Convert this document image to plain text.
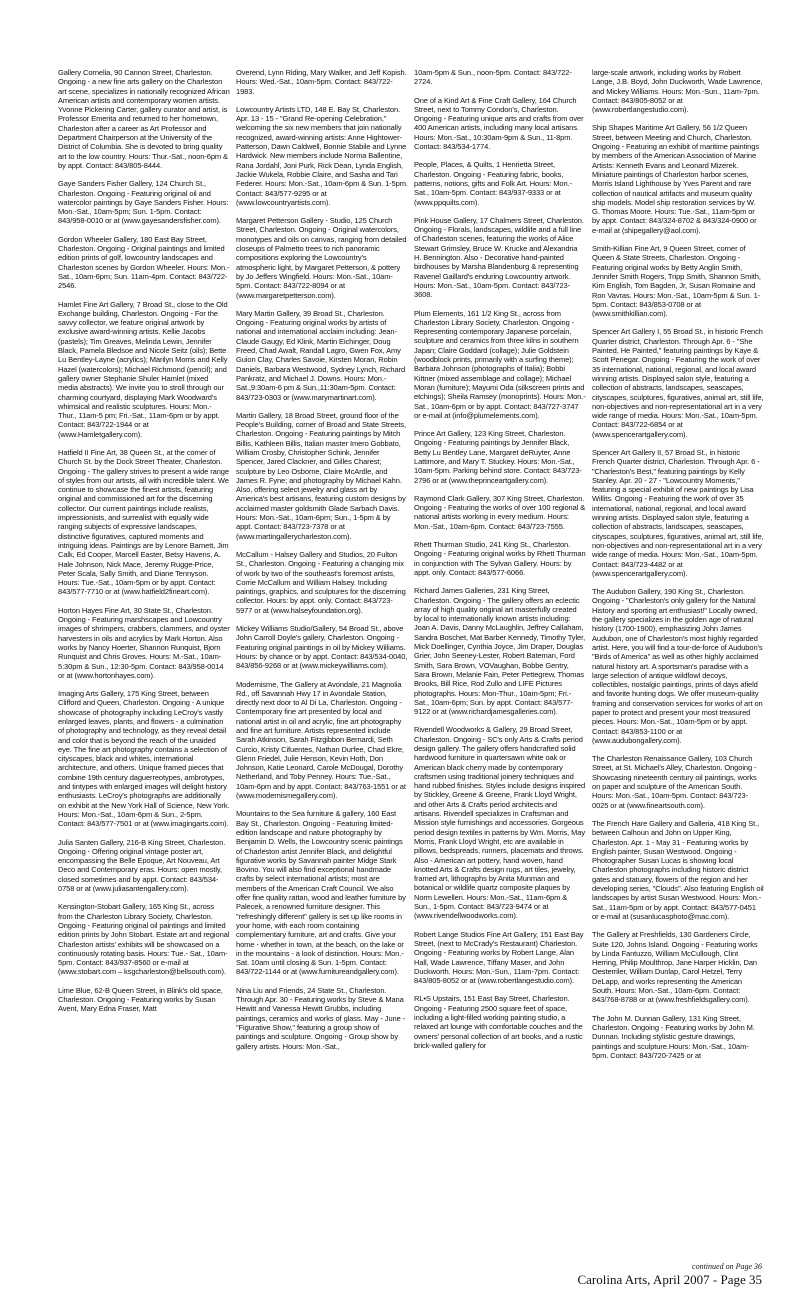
Gallery Cornelia, 90 Cannon Street, Charleston. Ongoing - a new fine arts gallery on the Charleston art scene, specializes in nationally recognized African American artists and contemporary women artists. Yvonne Pickering Carter, gallery curator and artist, is Professor Emerita and returned to her hometown, Charleston after a career as Art Professor and Department Chairperson at the University of the District of Columbia. She is devoted to bring quality art to the low country. Hours: Thur.-Sat., noon-6pm & by appt. Contact: 843/805-8444.

Gaye Sanders Fisher Gallery, 124 Church St., Charleston. Ongoing - Featuring original oil and watercolor paintings by Gaye Sanders Fisher. Hours: Mon.-Sat., 10am-5pm; Sun. 1-5pm. Contact: 843/958-0010 or at (www.gayesandersfisher.com).

Gordon Wheeler Gallery, 180 East Bay Street, Charleston. Ongoing - Original paintings and limited edition prints of golf, lowcountry landscapes and Charleston scenes by Gordon Wheeler. Hours: Mon.-Sat., 10am-6pm; Sun. 11am-4pm. Contact: 843/722-2546.

Hamlet Fine Art Gallery, 7 Broad St., close to the Old Exchange building, Charleston. Ongoing - For the savvy collector, we feature original artwork by exclusive award-winning artists. Kellie Jacobs (pastels); Tim Greaves, Melinda Lewin, Jennifer Black, Pamela Bledsoe and Nicole Seitz (oils); Bette Lu Bentley-Layne (acrylics); Marilyn Morris and Kelly Hazel (watercolors); Michael Richmond (pencil); and gallery owner Stephanie Shuler Hamlet (mixed media abstracts). We invite you to stroll through our charming courtyard, displaying Mark Woodward's whimsical and realistic sculptures. Hours: Mon.-Thur., 11am-5 pm; Fri.-Sat., 11am-6pm or by appt. Contact: 843/722-1944 or at (www.Hamletgallery.com).

Hatfield II Fine Art, 38 Queen St., at the corner of Church St. by the Dock Street Theater, Charleston. Ongoing - The gallery strives to present a wide range of styles from our artists, all with incredible talent. We continue to showcase the finest artists, featuring original and commissioned art for the discerning collector. Our current paintings include realists, impressionists, and surrealist with equally wide ranging subjects of expressive landscapes, distinctive figuratives, captured moments and intriguing ideas. Paintings are by Lenore Barnett, Jim Calk, Ed Cooper, Marcell Easter, Betsy Havens, A. Hale Johnson, Nick Mace, Jeremy Rugge-Price, Peter Scala, Sally Smith, and Diane Tennyson. Hours: Tue.-Sat., 10am-5pm or by appt. Contact: 843/577-7710 or at (www.hatfield2fineart.com).

Horton Hayes Fine Art, 30 State St., Charleston. Ongoing - Featuring marshscapes and Lowcountry images of shrimpers, crabbers, clammers, and oyster harvesters in oils and acrylics by Mark Horton. Also works by Nancy Hoerter, Shannon Runquist, Bjorn Runquist and Chris Groves. Hours: M.-Sat., 10am-5:30pm & Sun., 12:30-5pm. Contact: 843/958-0014 or at (www.hortonhayes.com).

Imaging Arts Gallery, 175 King Street, between Clifford and Queen, Charleston. Ongoing - A unique showcase of photography including LeCroy's vastly enlarged leaves, plants, and flowers - a culmination of photography and technology, as they reveal detail and color that is beyond the reach of the unaided eye. The fine art photography contains a selection of cityscapes, black and whites, international architecture, and others. Unique framed pieces that combine 19th century daguerreotypes, ambrotypes, and tintypes with enlarged images will delight history enthusiasts. LeCroy's photographs are additionally on exhibit at the New York Hall of Science, New York. Hours: Mon.-Sat., 10am-6pm & Sun., 2-5pm. Contact: 843/577-7501 or at (www.imagingarts.com).

Julia Santen Gallery, 216-B King Street, Charleston. Ongoing - Offering original vintage poster art, encompassing the Belle Epoque, Art Nouveau, Art Deco and Contemporary eras. Hours: open mostly, closed sometimes and by appt. Contact: 843/534-0758 or at (www.juliasantengallery.com).

Kensington-Stobart Gallery, 165 King St., across from the Charleston Library Society, Charleston. Ongoing - Featuring original oil paintings and limited edition prints by John Stobart. Estate art and regional Charleston artists' exhibits will be showcased on a continuously rotating basis. Hours: Tue.- Sat., 10am-5pm. Contact: 843/937-8560 or e-mail at (www.stobart.com – ksgcharleston@bellsouth.com).

Lime Blue, 62-B Queen Street, in Blink's old space, Charleston. Ongoing - Featuring works by Susan Avent, Mary Edna Fraser, Matt

Overend, Lynn Riding, Mary Walker, and Jeff Kopish. Hours: Wed.-Sat., 10am-5pm. Contact: 843/722-1983.

Lowcountry Artists LTD, 148 E. Bay St, Charleston. Apr. 13 - 15 - "Grand Re-opening Celebration," welcoming the six new members that join nationally recognized, award-winning artists: Anne Hightower-Patterson, Dawn Caldwell, Bonnie Stabile and Lynne Hardwick. New members include Norma Ballentine, Rana Jordahl, Joni Purk, Rick Dean, Lynda English, Jackie Wukela, Robbie Claire, and Sasha and Tari Federer. Hours: Mon.-Sat., 10am-6pm & Sun. 1-5pm. Contact: 843/577-9295 or at (www.lowcountryartists.com).

Margaret Petterson Gallery - Studio, 125 Church Street, Charleston. Ongoing - Original watercolors, monotypes and oils on canvas, ranging from detailed closeups of Palmetto trees to rich panoramic compositions exploring the Lowcountry's atmospheric light, by Margaret Petterson, & pottery by Jo Jeffers Wingfield. Hours: Mon.-Sat., 10am-5pm. Contact: 843/722-8094 or at (www.margaretpetterson.com).

Mary Martin Gallery, 39 Broad St., Charleston. Ongoing - Featuring original works by artists of national and international acclaim including: Jean-Claude Gaugy, Ed Klink, Martin Eichinger, Doug Freed, Chad Awalt, Randall Lagro, Gwen Fox, Amy Guion Clay, Charles Savoie, Kirsten Moran, Robin Daniels, Barbara Westwood, Sydney Lynch, Richard Pankratz, and Michael J. Downs. Hours: Mon.-Sat.,9:30am-6 pm & Sun.,11:30am-5pm. Contact: 843/723-0303 or (www.marymartinart.com).

Martin Gallery, 18 Broad Street, ground floor of the People's Building, corner of Broad and State Streets, Charleston. Ongoing - Featuring paintings by Mitch Billis, Kathleen Billis, Italian master Imero Gobbato, William Crosby, Christopher Schink, Jennifer Spencer, Jared Clackner, and Gilles Charest; sculpture by Leo Osborne, Claire McArdle, and James R. Fyne; and photography by Michael Kahn. Also, offering select jewelry and glass art by America's best artisans, featuring custom designs by acclaimed master goldsmith Glade Sarbach Davis. Hours: Mon.-Sat., 10am-6pm; Sun., 1-5pm & by appt. Contact: 843/723-7378 or at (www.martingallerycharleston.com).

McCallum - Halsey Gallery and Studios, 20 Fulton St., Charleston. Ongoing - Featuring a changing mix of work by two of the southeast's foremost artists, Corrie McCallum and William Halsey. Including paintings, graphics, and sculptures for the discerning collector. Hours: by appt. only. Contact: 843/723-5977 or at (www.halseyfoundation.org).

Mickey Williams Studio/Gallery, 54 Broad St., above John Carroll Doyle's gallery, Charleston. Ongoing - Featuring original paintings in oil by Mickey Williams. Hours: by chance or by appt. Contact: 843/534-0040, 843/856-9268 or at (www.mickeywilliams.com).

Modernisme, The Gallery at Avondale, 21 Magnolia Rd., off Savannah Hwy 17 in Avondale Station, directly next door to Al Di La, Charleston. Ongoing - Contemporary fine art presented by local and national artist in oil and acrylic, fine art photography and fine art furniture. Artists represented include Sarah Atkinson, Sarah Fitzgibbon Bernardi, Seth Curcio, Kristy Cifuentes, Nathan Durfee, Chad Ekre, Glenn Friedel, Julie Henson, Kevin Hoth, Don Johnson, Katie Leonard, Carole McDougal, Dorothy Netherland, and Toby Penney. Hours: Tue.-Sat., 10am-6pm and by appt. Contact: 843/763-1551 or at (www.modernismegallery.com).

Mountains to the Sea furniture & gallery, 160 East Bay St., Charleston. Ongoing - Featuring limited-edition landscape and nature photography by Benjamin D. Wells, the Lowcountry scenic paintings of Charleston artist Jennifer Black, and delightful figurative works by Savannah painter Midge Stark Bovino. You will also find exceptional handmade crafts by select international artists; most are members of the American Craft Council. We also offer fine quality rattan, wood and leather furniture by Palecek, a renowned furniture designer. This "refreshingly different" gallery is set up like rooms in your home, with each room containing complementary furniture, art and crafts. Give your home - whether in town, at the beach, on the lake or in the mountains - a look of distinction. Hours: Mon.-Sat. 10am until closing & Sun. 1-5pm. Contact: 843/722-1144 or at (www.furnitureandgallery.com).

Nina Liu and Friends, 24 State St., Charleston. Through Apr. 30 - Featuring works by Steve & Mana Hewitt and Vanessa Hewitt Grubbs, including paintings, ceramics and works of glass. May - June - "Figurative Show," featuring a group show of paintings and sculpture. Ongoing - Group show by gallery artists. Hours: Mon.-Sat.,

10am-5pm & Sun., noon-5pm. Contact: 843/722-2724.

One of a Kind Art & Fine Craft Gallery, 164 Church Street, next to Tommy Condon's, Charleston. Ongoing - Featuring unique arts and crafts from over 400 American artists, including many local artisans. Hours: Mon.-Sat., 10:30am-9pm & Sun., 11-8pm. Contact: 843/534-1774.

People, Places, & Quilts, 1 Henrietta Street, Charleston. Ongoing - Featuring fabric, books, patterns, notions, gifts and Folk Art. Hours: Mon.-Sat., 10am-5pm. Contact: 843/937-9333 or at (www.ppquilts.com).

Pink House Gallery, 17 Chalmers Street, Charleston. Ongoing - Florals, landscapes, wildlife and a full line of Charleston scenes, featuring the works of Alice Stewart Grimsley, Bruce W. Krucke and Alexandria H. Bennington. Also - Decorative hand-painted birdhouses by Marsha Blandenburg & representing Ravenel Gaillard's enduring Lowcountry artwork. Hours: Mon.-Sat., 10am-5pm. Contact: 843/723-3608.

Plum Elements, 161 1/2 King St., across from Charleston Library Society, Charleston. Ongoing - Representing contemporary Japanese porcelain, sculpture and ceramics from three kilns in southern Japan; Claire Goddard (collage); Julie Goldstein (woodblock prints, primarily with a surfing theme); Barbara Johnson (photographs of Italia); Bobbi Kittner (mixed assemblage and collage); Michael Moran (furniture); Mayumi Oda (silkscreen prints and etchings); Sheila Ramsey (monoprints). Hours: Mon.-Sat., 10am-6pm or by appt. Contact: 843/727-3747 or e-mail at (info@plumelements.com).

Prince Art Gallery, 123 King Street, Charleston. Ongoing - Featuring paintings by Jennifer Black, Betty Lu Bentley Lane, Margaret deRuyter, Anne Lattimore, and Mary T. Stuckey. Hours: Mon.-Sat., 10am-5pm. Parking behind store. Contact: 843/723-2796 or at (www.theprinceartgallery.com).

Raymond Clark Gallery, 307 King Street, Charleston. Ongoing - Featuring the works of over 100 regional & national artists working in every medium. Hours: Mon.-Sat., 10am-6pm. Contact: 843/723-7555.

Rhett Thurman Studio, 241 King St., Charleston. Ongoing - Featuring original works by Rhett Thurman in conjunction with The Sylvan Gallery. Hours: by appt. only. Contact: 843/577-6066.

Richard James Galleries, 231 King Street, Charleston. Ongoing - The gallery offers an eclectic array of high quality original art masterfully created by local to internationally known artists including: Joan A. Davis, Danny McLaughlin, Jeffrey Callaham, Sandra Boschet, Mat Barber Kennedy, Timothy Tyler, Mick Doellinger, Cynthia Joyce, Jim Draper, Douglas Grier, John Seeney-Lester, Robert Bateman, Ford Smith, Sara Brown, VOVaughan, Bobbe Gentry, Sara Brown, Melanie Fain, Peter Pettegrew, Thomas Brooks, Bill Rice, Rod Zullo and LIFE Pictures photographs. Hours: Mon-Thur., 10am-5pm; Fri.-Sat., 10am-6pm; Sun. by appt. Contact: 843/577-9122 or at (www.richardjamesgalleries.com).

Rivendell Woodworks & Gallery, 29 Broad Street, Charleston. Ongoing - SC's only Arts & Crafts period design gallery. The gallery offers handcrafted solid hardwood furniture in quartersawn white oak or American black cherry made by contemporary craftsmen using traditional joinery techniques and hand rubbed finishes. Styles include designs inspired by Stickley, Greene & Greene, Frank Lloyd Wright, and other Arts & Crafts period architects and artisans. Rivendell specializes in Craftsman and Mission style furnishings and accessories. Gorgeous period design textiles in patterns by Wm. Morris, May Morris, Frank Lloyd Wright, etc are available in pillows, bedspreads, runners, placemats and throws. Also - American art pottery, hand woven, hand knotted Arts & Crafts design rugs, art tiles, jewelry, framed art, lithographs by Anita Munman and botanical or wildlife quartz composite plaques by Norm Lewellen. Hours: Mon.-Sat., 11am-6pm & Sun., 1-5pm. Contact: 843/723-9474 or at (www.rivendellwoodworks.com).

Robert Lange Studios Fine Art Gallery, 151 East Bay Street, (next to McCrady's Restaurant) Charleston. Ongoing - Featuring works by Robert Lange, Alan Hall, Wade Lawrence, Tiffany Maser, and John Duckworth. Hours: Mon.-Sun., 11am-7pm. Contact: 843/805-8052 or at (www.robertlangestudio.com).

RL•S Upstairs, 151 East Bay Street, Charleston. Ongoing - Featuring 2500 square feet of space, including a light-filled working painting studio, a relaxed art lounge with comfortable couches and the owners' personal collection of art books, and a rustic brick-walled gallery for

large-scale artwork, including works by Robert Lange, J.B. Boyd, John Duckworth, Wade Lawrence, and Mickey Williams. Hours: Mon.-Sun., 11am-7pm. Contact: 843/805-8052 or at (www.robertlangestudio.com).

Ship Shapes Maritime Art Gallery, 56 1/2 Queen Street, between Meeting and Church, Charleston. Ongoing - Featuring an exhibit of maritime paintings by members of the American Association of Marine Artists: Kenneth Evans and Leonard Mizerek. Miniature paintings of Charleston harbor scenes, Morris Island Lighthouse by Yves Parent and rare collection of nautical artifacts and museum quality ship models. Model ship restoration services by W. G. Thomas Moore. Hours: Tue.-Sat., 11am-5pm or by appt. Contact: 843/324-8702 & 843/324-0900 or e-mail at (shipegallery@aol.com).

Smith-Killian Fine Art, 9 Queen Street, corner of Queen & State Streets, Charleston. Ongoing - Featuring original works by Betty Anglin Smith, Jennifer Smith Rogers, Tripp Smith, Shannon Smith, Kim English, Tom Bagden, Jr, Susan Romaine and Ron Vavras. Hours: Mon.-Sat., 10am-5pm & Sun. 1-5pm. Contact: 843/853-0708 or at (www.smithkillian.com).

Spencer Art Gallery I, 55 Broad St., in historic French Quarter district, Charleston. Through Apr. 6 - "She Painted, He Painted," featuring paintings by Kaye & Scott Penegar. Ongoing - Featuring the work of over 35 international, national, regional, and local award winning artists. Displayed salon style, featuring a collection of abstracts, landscapes, seascapes, cityscapes, sculptures, figuratives, animal art, still life, non-objectives and non-representational art in a very wide range of media. Hours: Mon.-Sat., 10am-5pm. Contact: 843/722-6854 or at (www.spencerartgallery.com).

Spencer Art Gallery II, 57 Broad St., in historic French Quarter district, Charleston. Through Apr. 6 - "Charleston's Best," featuring paintings by Kelly Stanley. Apr. 20 - 27 - "Lowcountry Moments," featuring a special exhibit of new paintings by Lisa Willits. Ongoing - Featuring the work of over 35 international, national, regional, and local award winning artists. Displayed salon style, featuring a collection of abstracts, landscapes, seascapes, cityscapes, sculptures, figuratives, animal art, still life, non-objectives and non-representational art in a very wide range of media. Hours: Mon.-Sat., 10am-5pm. Contact: 843/723-4482 or at (www.spencerartgallery.com).

The Audubon Gallery, 190 King St., Charleston. Ongoing - "Charleston's only gallery for the Natural History and sporting art enthusiast!" Locally owned, the gallery specializes in the golden age of natural history (1700-1900), emphasizing John James Audubon, one of Charleston's most highly regarded artist. Here, you will find a tour-de-force of Audubon's "Birds of America" as well as other highly acclaimed natural history art. A sportsman's paradise with a large selection of antique wildfowl decoys, collectibles, nostalgic paintings, prints of days afield and favorite hunting dogs. We offer museum-quality framing and conservation services for works of art on paper to protect and present your most treasured pieces. Hours: Mon.-Sat., 10am-5pm or by appt. Contact: 843/853-1100 or at (www.audubongallery.com).

The Charleston Renaissance Gallery, 103 Church Street, at St. Michael's Alley, Charleston. Ongoing - Showcasing nineteenth century oil paintings, works on paper and sculpture of the American South. Hours: Mon.-Sat., 10am-5pm. Contact: 843/723-0025 or at (www.fineartsouth.com).

The French Hare Gallery and Galleria, 418 King St., between Calhoun and John on Upper King, Charleston. Apr. 1 - May 31 - Featuring works by English painter, Susan Westwood. Ongoing - Photographer Susan Lucas is showing local Charleston photographs including historic district gates and statuary, flowers of the region and her developing series, "Clouds". Also featuring English oil landscapes by artist Susan Westwood. Hours: Mon.-Sat., 11am-5pm or by appt. Contact: 843/577-0451 or e-mail at (susanlucasphoto@mac.com).

The Gallery at Freshfields, 130 Gardeners Circle, Suite 120, Johns Island. Ongoing - Featuring works by Linda Fantuzzo, William McCullough, Clint Herring, Philip Moulthrop, Jane Harper Hicklin, Dan Oesterriler, William Dunlap, Carol Hetzel, Terry DeLapp, and works representing the American South. Hours: Mon.-Sat., 10am-6pm. Contact: 843/768-8788 or at (www.freshfieldsgallery.com).

The John M. Dunnan Gallery, 131 King Street, Charleston. Ongoing - Featuring works by John M. Dunnan. Including stylistic gesture drawings, paintings and sculpture.Hours: Mon.-Sat., 10am-5pm. Contact: 843/720-7425 or at

continued on Page 36
Carolina Arts, April 2007 - Page 35
